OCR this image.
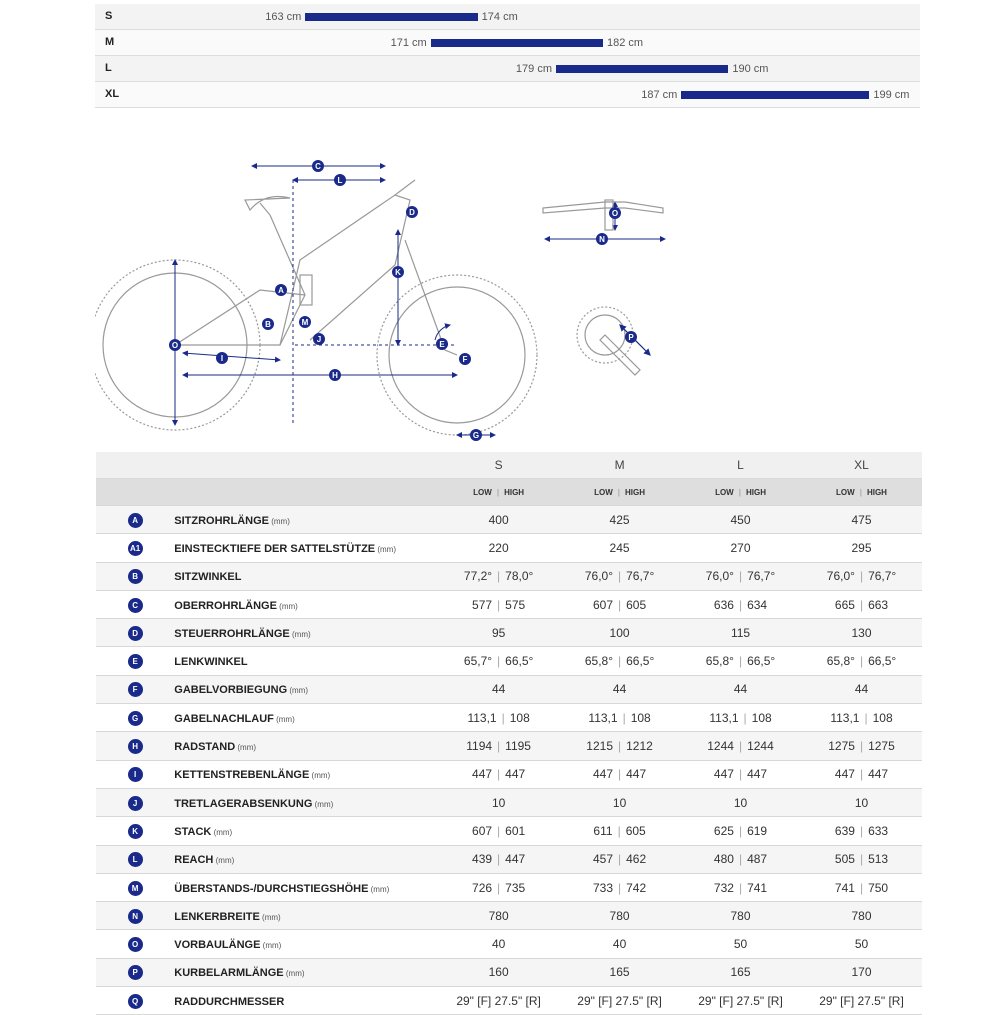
S	163 cm	174 cm
M	171 cm	182 cm
L	179 cm	190 cm
XL	187 cm	199 cm
C
L
D
K
A
B	M
J
E
F
O
I
H
G
O
N
P
		S	M	L	XL
		LOW | HIGH	LOW | HIGH	LOW | HIGH	LOW | HIGH
A	SITZROHRLÄNGE (mm)	400	425	450	475
A1	EINSTECKTIEFE DER SATTELSTÜTZE (mm)	220	245	270	295
B	SITZWINKEL	77,2° | 78,0°	76,0° | 76,7°	76,0° | 76,7°	76,0° | 76,7°
C	OBERROHRLÄNGE (mm)	577 | 575	607 | 605	636 | 634	665 | 663
D	STEUERROHRLÄNGE (mm)	95	100	115	130
E	LENKWINKEL	65,7° | 66,5°	65,8° | 66,5°	65,8° | 66,5°	65,8° | 66,5°
F	GABELVORBIEGUNG (mm)	44	44	44	44
G	GABELNACHLAUF (mm)	113,1 | 108	113,1 | 108	113,1 | 108	113,1 | 108
H	RADSTAND (mm)	1194 | 1195	1215 | 1212	1244 | 1244	1275 | 1275
I	KETTENSTREBENLÄNGE (mm)	447 | 447	447 | 447	447 | 447	447 | 447
J	TRETLAGERABSENKUNG (mm)	10	10	10	10
K	STACK (mm)	607 | 601	611 | 605	625 | 619	639 | 633
L	REACH (mm)	439 | 447	457 | 462	480 | 487	505 | 513
M	ÜBERSTANDS-/DURCHSTIEGSHÖHE (mm)	726 | 735	733 | 742	732 | 741	741 | 750
N	LENKERBREITE (mm)	780	780	780	780
O	VORBAULÄNGE (mm)	40	40	50	50
P	KURBELARMLÄNGE (mm)	160	165	165	170
Q	RADDURCHMESSER	29" [F] 27.5" [R]	29" [F] 27.5" [R]	29" [F] 27.5" [R]	29" [F] 27.5" [R]
